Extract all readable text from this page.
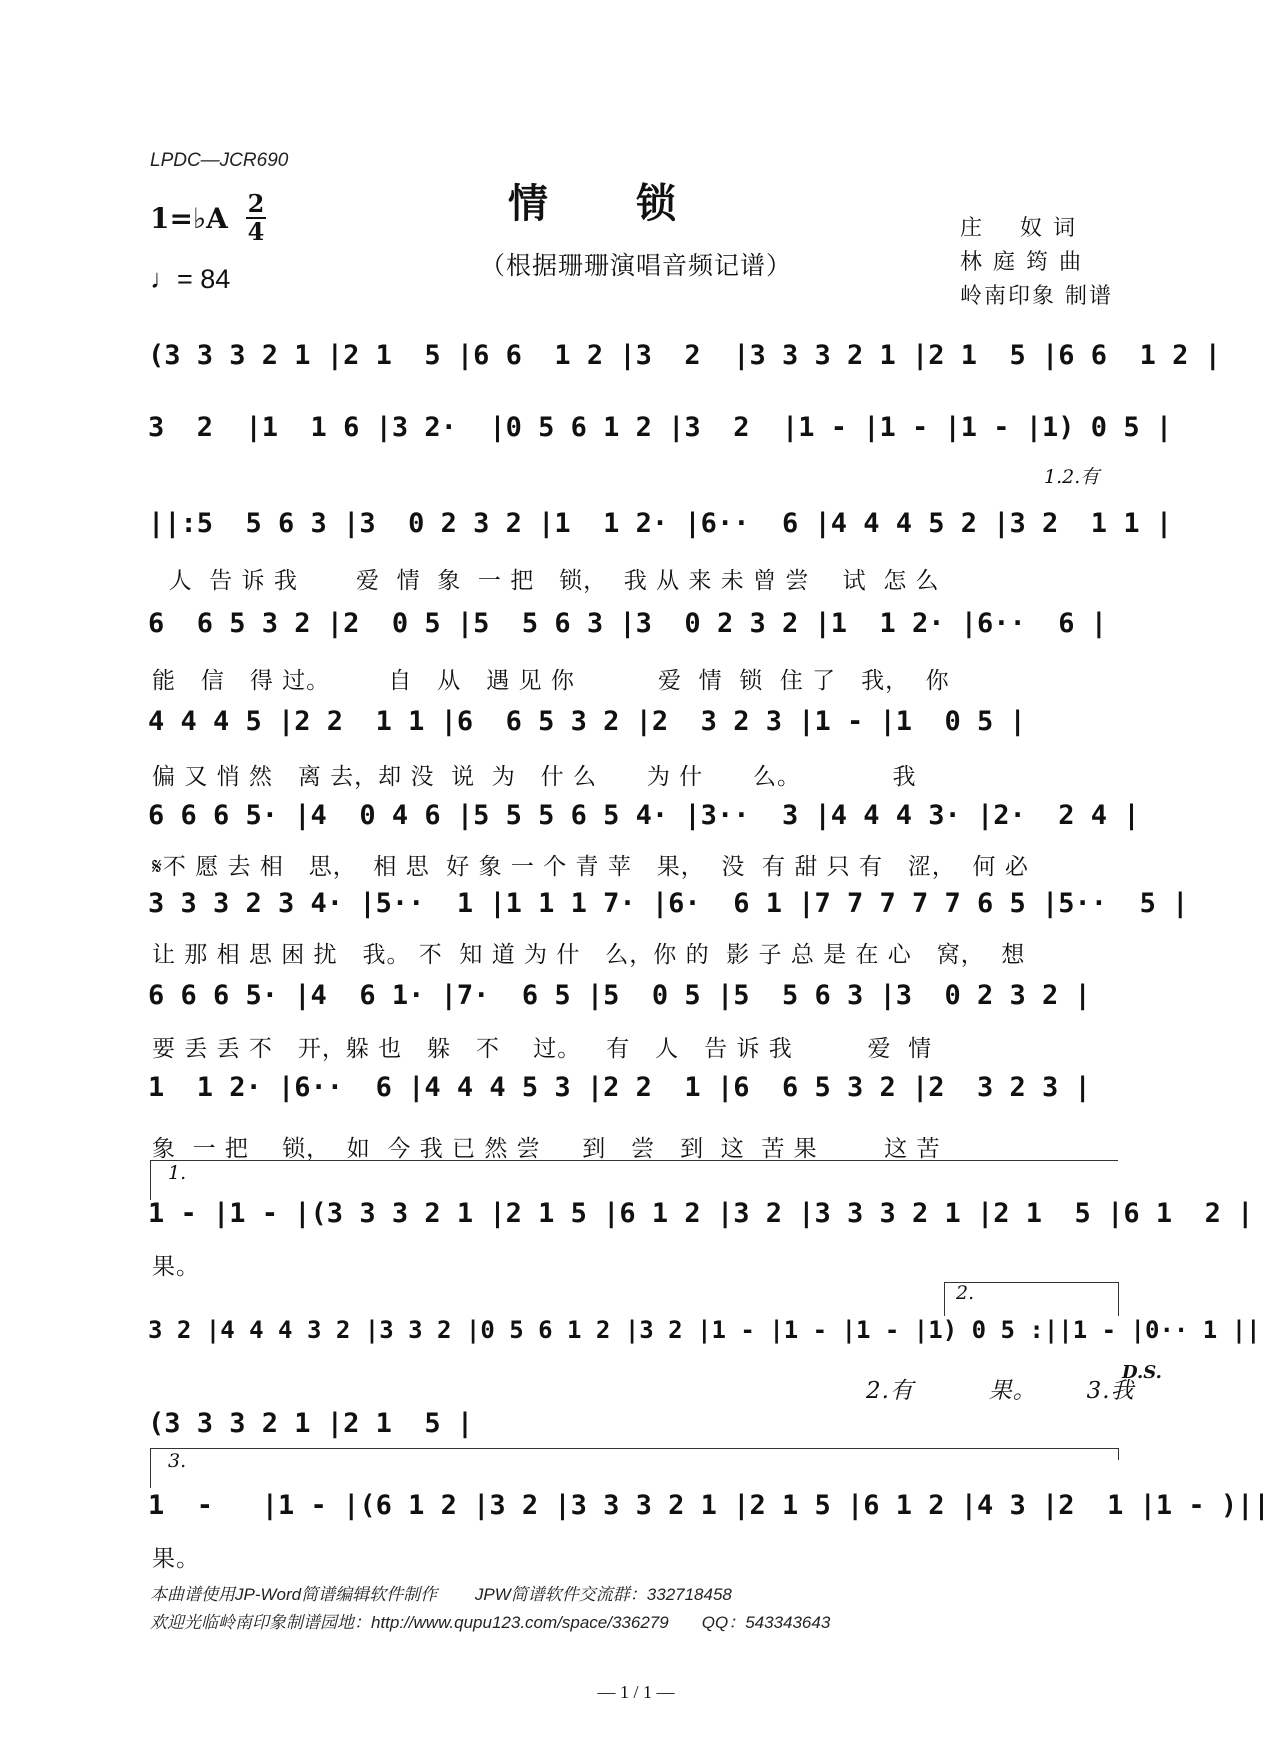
LPDC—JCR690
情锁
（根据珊珊演唱音频记谱）
1=♭A 2
4
♩= 84
庄    奴 词
林 庭 筠 曲
岭南印象 制谱
(3 3 3 2 1 |2 1  5 |6 6  1 2 |3  2  |3 3 3 2 1 |2 1  5 |6 6  1 2 |
3  2  |1  1 6 |3 2·  |0 5 6 1 2 |3  2  |1 - |1 - |1 - |1) 0 5 |
1.2.有
||:5  5 6 3 |3  0 2 3 2 |1  1 2· |6··  6 |4 4 4 5 2 |3 2  1 1 |
人  告 诉 我       爱  情  象  一 把   锁，  我 从 来 未 曾 尝    试  怎 么
6  6 5 3 2 |2  0 5 |5  5 6 3 |3  0 2 3 2 |1  1 2· |6··  6 |
能   信   得 过。       自   从   遇 见 你          爱  情  锁  住 了   我，  你
4 4 4 5 |2 2  1 1 |6  6 5 3 2 |2  3 2 3 |1 - |1  0 5 |
偏 又 悄 然   离 去，却 没  说  为   什 么      为 什      么。           我
6 6 6 5· |4  0 4 6 |5 5 5 6 5 4· |3··  3 |4 4 4 3· |2·  2 4 |
𝄋不 愿 去 相   思，  相 思  好 象 一 个 青 苹   果，  没  有 甜 只 有   涩，  何 必
3 3 3 2 3 4· |5··  1 |1 1 1 7· |6·  6 1 |7 7 7 7 7 6 5 |5··  5 |
让 那 相 思 困 扰   我。 不  知 道 为 什   么，你 的  影 子 总 是 在 心   窝，  想
6 6 6 5· |4  6 1· |7·  6 5 |5  0 5 |5  5 6 3 |3  0 2 3 2 |
要 丢 丢 不   开，躲 也   躲   不    过。   有   人   告 诉 我         爱  情
1  1 2· |6··  6 |4 4 4 5 3 |2 2  1 |6  6 5 3 2 |2  3 2 3 |
象  一 把    锁，  如  今 我 已 然 尝     到   尝   到  这  苦 果        这 苦
1.
1 - |1 - |(3 3 3 2 1 |2 1 5 |6 1 2 |3 2 |3 3 3 2 1 |2 1  5 |6 1  2 |
果。
2.
3 2 |4 4 4 3 2 |3 3 2 |0 5 6 1 2 |3 2 |1 - |1 - |1 - |1) 0 5 :||1 - |0·· 1 ||
2.有         果。      3.我
D.S.
(3 3 3 2 1 |2 1  5 |
3.
1  -   |1 - |(6 1 2 |3 2 |3 3 3 2 1 |2 1 5 |6 1 2 |4 3 |2  1 |1 - )||
果。
本曲谱使用JP-Word简谱编辑软件制作        JPW简谱软件交流群：332718458
欢迎光临岭南印象制谱园地：http://www.qupu123.com/space/336279       QQ：543343643
— 1 / 1 —
